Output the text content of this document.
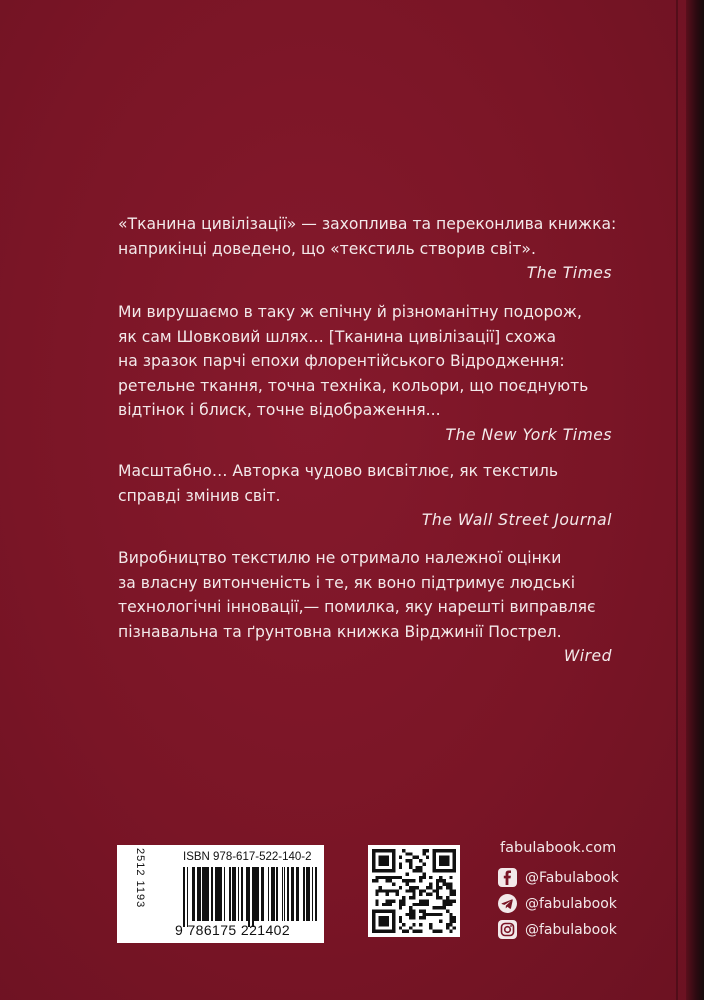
«Тканина цивілізації» — захоплива та переконлива книжка:
наприкінці доведено, що «текстиль створив світ».
The Times
Ми вирушаємо в таку ж епічну й різноманітну подорож,
як сам Шовковий шлях… [Тканина цивілізації] схожа
на зразок парчі епохи флорентійського Відродження:
ретельне ткання, точна техніка, кольори, що поєднують
відтінок і блиск, точне відображення...
The New York Times
Масштабно… Авторка чудово висвітлює, як текстиль
справді змінив світ.
The Wall Street Journal
Виробництво текстилю не отримало належної оцінки
за власну витонченість і те, як воно підтримує людські
технологічні інновації,— помилка, яку нарешті виправляє
пізнавальна та ґрунтовна книжка Вірджинії Пострел.
Wired
2512 1193	ISBN 978-617-522-140-2
9 786175 221402
fabulabook.com
@Fabulabook
@fabulabook
@fabulabook
